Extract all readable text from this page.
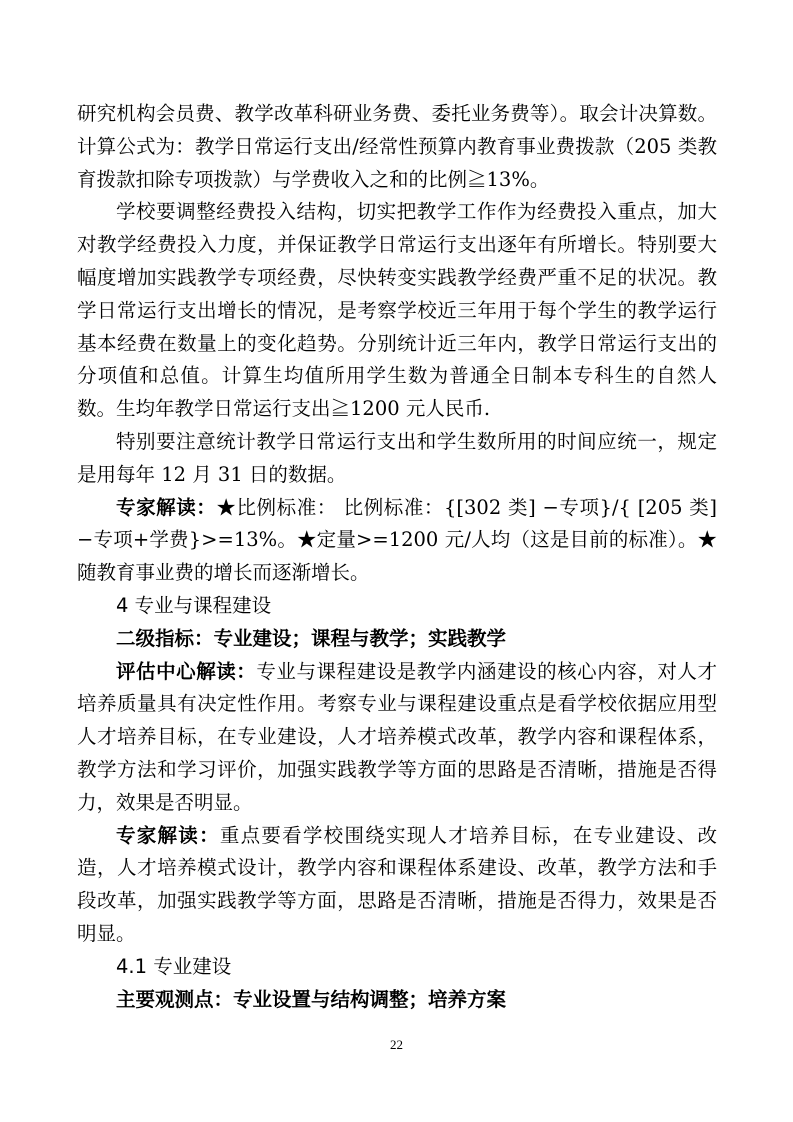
研究机构会员费、教学改革科研业务费、委托业务费等）。取会计决算数。计算公式为：教学日常运行支出/经常性预算内教育事业费拨款（205 类教育拨款扣除专项拨款）与学费收入之和的比例≧13%。

学校要调整经费投入结构，切实把教学工作作为经费投入重点，加大对教学经费投入力度，并保证教学日常运行支出逐年有所增长。特别要大幅度增加实践教学专项经费，尽快转变实践教学经费严重不足的状况。教学日常运行支出增长的情况，是考察学校近三年用于每个学生的教学运行基本经费在数量上的变化趋势。分别统计近三年内，教学日常运行支出的分项值和总值。计算生均值所用学生数为普通全日制本专科生的自然人数。生均年教学日常运行支出≧1200 元人民币.

特别要注意统计教学日常运行支出和学生数所用的时间应统一，规定是用每年 12 月 31 日的数据。

专家解读：★比例标准： 比例标准：{[302 类] −专项}/{ [205 类] −专项+学费}>=13%。★定量>=1200 元/人均（这是目前的标准）。★随教育事业费的增长而逐渐增长。

4 专业与课程建设

二级指标：专业建设；课程与教学；实践教学

评估中心解读：专业与课程建设是教学内涵建设的核心内容，对人才培养质量具有决定性作用。考察专业与课程建设重点是看学校依据应用型人才培养目标，在专业建设，人才培养模式改革，教学内容和课程体系，教学方法和学习评价，加强实践教学等方面的思路是否清晰，措施是否得力，效果是否明显。

专家解读：重点要看学校围绕实现人才培养目标，在专业建设、改造，人才培养模式设计，教学内容和课程体系建设、改革，教学方法和手段改革，加强实践教学等方面，思路是否清晰，措施是否得力，效果是否明显。

4.1 专业建设

主要观测点：专业设置与结构调整；培养方案

22
